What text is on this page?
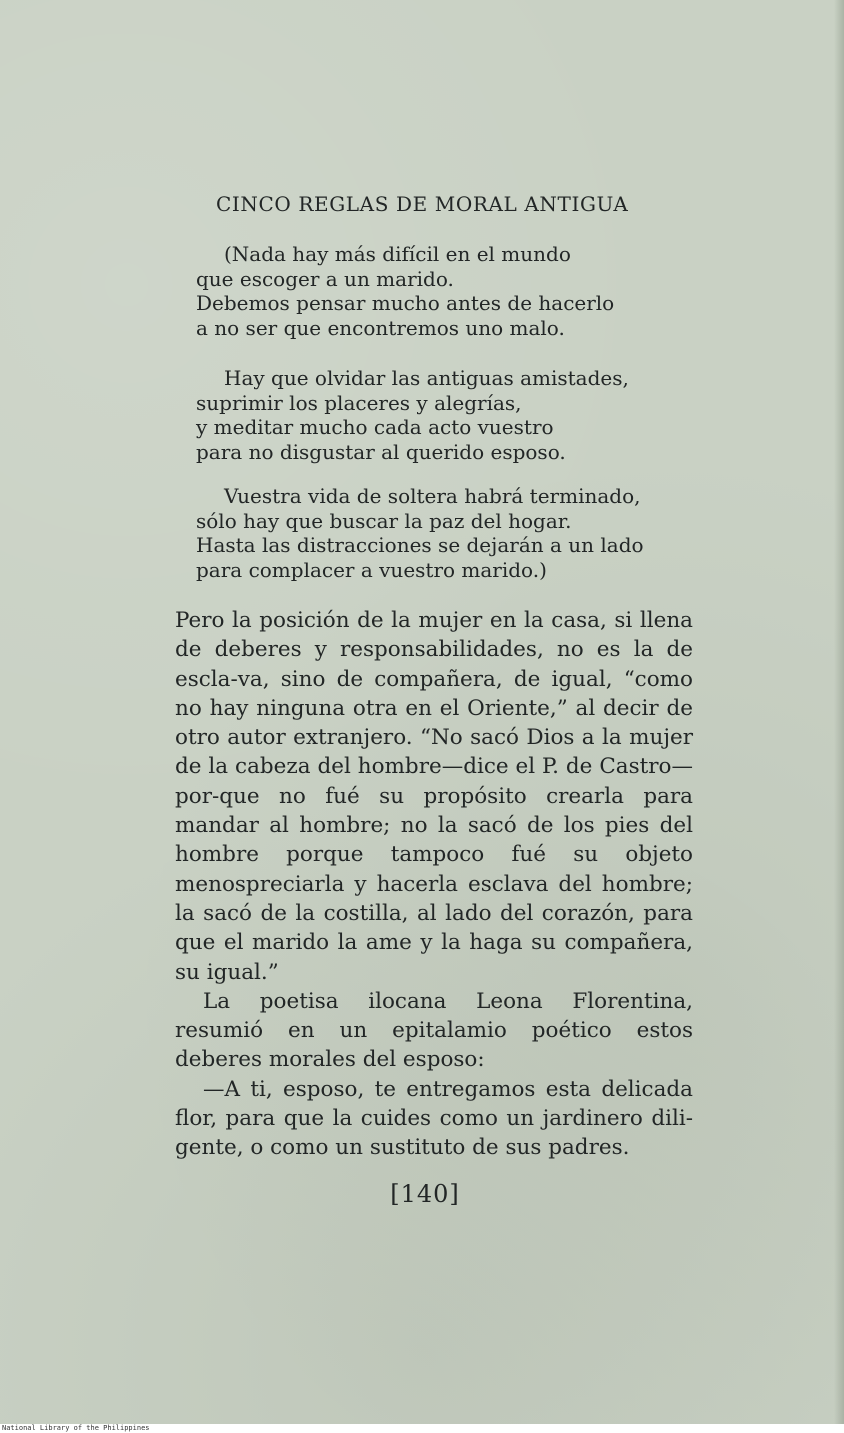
CINCO REGLAS DE MORAL ANTIGUA
(Nada hay más difícil en el mundo
que escoger a un marido.
Debemos pensar mucho antes de hacerlo
a no ser que encontremos uno malo.
Hay que olvidar las antiguas amistades,
suprimir los placeres y alegrías,
y meditar mucho cada acto vuestro
para no disgustar al querido esposo.
Vuestra vida de soltera habrá terminado,
sólo hay que buscar la paz del hogar.
Hasta las distracciones se dejarán a un lado
para complacer a vuestro marido.)

Pero la posición de la mujer en la casa, si llena de deberes y responsabilidades, no es la de escla-va, sino de compañera, de igual, “como no hay ninguna otra en el Oriente,” al decir de otro autor extranjero. “No sacó Dios a la mujer de la cabeza del hombre—dice el P. de Castro—por-que no fué su propósito crearla para mandar al hombre; no la sacó de los pies del hombre porque tampoco fué su objeto menospreciarla y hacerla esclava del hombre; la sacó de la costilla, al lado del corazón, para que el marido la ame y la haga su compañera, su igual.”

La poetisa ilocana Leona Florentina, resumió en un epitalamio poético estos deberes morales del esposo:

—A ti, esposo, te entregamos esta delicada flor, para que la cuides como un jardinero dili-gente, o como un sustituto de sus padres.

[140]
National Library of the Philippines
